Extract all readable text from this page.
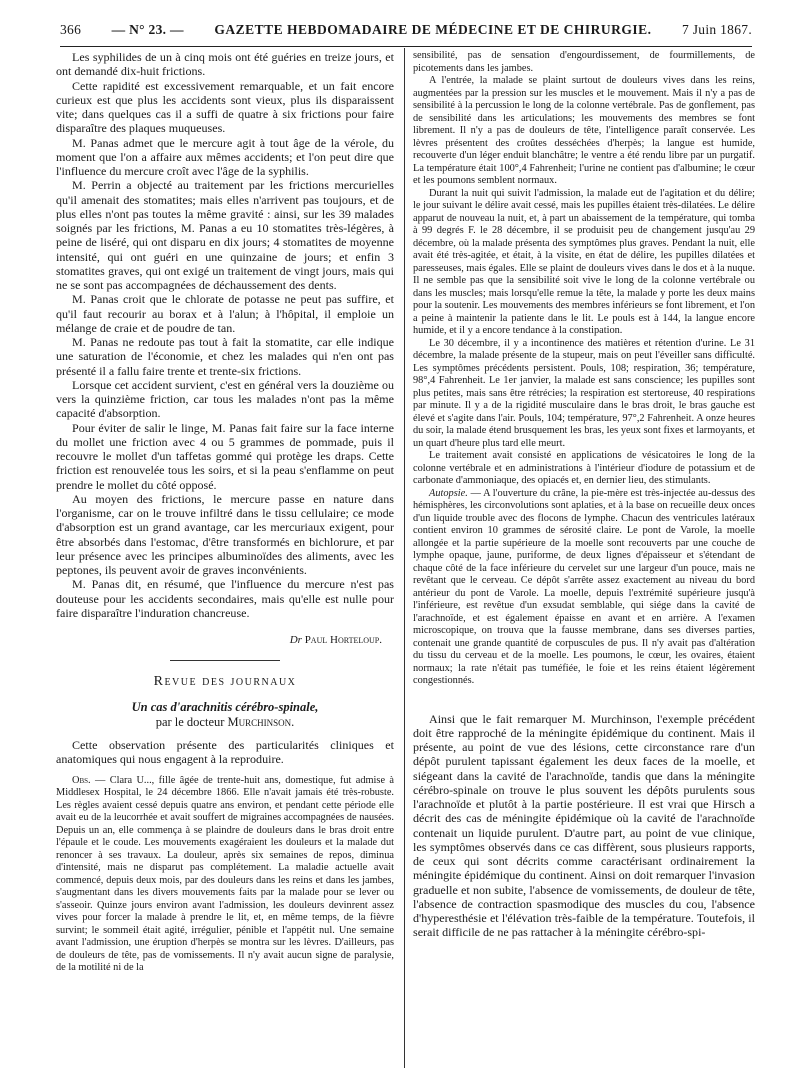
366 — N° 23. — GAZETTE HEBDOMADAIRE DE MÉDECINE ET DE CHIRURGIE. 7 Juin 1867.

Les syphilides de un à cinq mois ont été guéries en treize jours, et ont demandé dix-huit frictions.

Cette rapidité est excessivement remarquable, et un fait encore curieux est que plus les accidents sont vieux, plus ils disparaissent vite; dans quelques cas il a suffi de quatre à six frictions pour faire disparaître des plaques muqueuses.

M. Panas admet que le mercure agit à tout âge de la vérole, du moment que l'on a affaire aux mêmes accidents; et l'on peut dire que l'influence du mercure croît avec l'âge de la syphilis.

M. Perrin a objecté au traitement par les frictions mercurielles qu'il amenait des stomatites; mais elles n'arrivent pas toujours, et de plus elles n'ont pas toutes la même gravité : ainsi, sur les 39 malades soignés par les frictions, M. Panas a eu 10 stomatites très-légères, à peine de liséré, qui ont disparu en dix jours; 4 stomatites de moyenne intensité, qui ont guéri en une quinzaine de jours; et enfin 3 stomatites graves, qui ont exigé un traitement de vingt jours, mais qui ne se sont pas accompagnées de déchaussement des dents.

M. Panas croit que le chlorate de potasse ne peut pas suffire, et qu'il faut recourir au borax et à l'alun; à l'hôpital, il emploie un mélange de craie et de poudre de tan.

M. Panas ne redoute pas tout à fait la stomatite, car elle indique une saturation de l'économie, et chez les malades qui n'en ont pas présenté il a fallu faire trente et trente-six frictions.

Lorsque cet accident survient, c'est en général vers la douzième ou vers la quinzième friction, car tous les malades n'ont pas la même capacité d'absorption.

Pour éviter de salir le linge, M. Panas fait faire sur la face interne du mollet une friction avec 4 ou 5 grammes de pommade, puis il recouvre le mollet d'un taffetas gommé qui protège les draps. Cette friction est renouvelée tous les soirs, et si la peau s'enflamme on peut prendre le mollet du côté opposé.

Au moyen des frictions, le mercure passe en nature dans l'organisme, car on le trouve infiltré dans le tissu cellulaire; ce mode d'absorption est un grand avantage, car les mercuriaux exigent, pour être absorbés dans l'estomac, d'être transformés en bichlorure, et par leur présence avec les principes albuminoïdes des aliments, avec les peptones, ils peuvent avoir de graves inconvénients.

M. Panas dit, en résumé, que l'influence du mercure n'est pas douteuse pour les accidents secondaires, mais qu'elle est nulle pour faire disparaître l'induration chancreuse.

Dr Paul Horteloup.
Revue des journaux
Un cas d'arachnitis cérébro-spinale,
par le docteur Murchinson.

Cette observation présente des particularités cliniques et anatomiques qui nous engagent à la reproduire.

Obs. — Clara U..., fille âgée de trente-huit ans, domestique, fut admise à Middlesex Hospital, le 24 décembre 1866. Elle n'avait jamais été très-robuste. Les règles avaient cessé depuis quatre ans environ, et pendant cette période elle avait eu de la leucorrhée et avait souffert de migraines accompagnées de nausées. Depuis un an, elle commença à se plaindre de douleurs dans le bras droit entre l'épaule et le coude. Les mouvements exagéraient les douleurs et la malade dut renoncer à ses travaux. La douleur, après six semaines de repos, diminua d'intensité, mais ne disparut pas complétement. La maladie actuelle avait commencé, depuis deux mois, par des douleurs dans les reins et dans les jambes, s'augmentant dans les divers mouvements faits par la malade pour se lever ou s'asseoir. Quinze jours environ avant l'admission, les douleurs devinrent assez vives pour forcer la malade à prendre le lit, et, en même temps, de la fièvre survint; le sommeil était agité, irrégulier, pénible et l'appétit nul. Une semaine avant l'admission, une éruption d'herpès se montra sur les lèvres. D'ailleurs, pas de douleurs de tête, pas de vomissements. Il n'y avait aucun signe de paralysie, de la motilité ni de la

sensibilité, pas de sensation d'engourdissement, de fourmillements, de picotements dans les jambes.

A l'entrée, la malade se plaint surtout de douleurs vives dans les reins, augmentées par la pression sur les muscles et le mouvement. Mais il n'y a pas de sensibilité à la percussion le long de la colonne vertébrale. Pas de gonflement, pas de sensibilité dans les articulations; les mouvements des membres se font librement. Il n'y a pas de douleurs de tête, l'intelligence paraît conservée. Les lèvres présentent des croûtes desséchées d'herpès; la langue est humide, recouverte d'un léger enduit blanchâtre; le ventre a été rendu libre par un purgatif. La température était 100°,4 Fahrenheit; l'urine ne contient pas d'albumine; le cœur et les poumons semblent normaux.

Durant la nuit qui suivit l'admission, la malade eut de l'agitation et du délire; le jour suivant le délire avait cessé, mais les pupilles étaient très-dilatées. Le délire apparut de nouveau la nuit, et, à part un abaissement de la température, qui tomba à 99 degrés F. le 28 décembre, il se produisit peu de changement jusqu'au 29 décembre, où la malade présenta des symptômes plus graves. Pendant la nuit, elle avait été très-agitée, et était, à la visite, en état de délire, les pupilles dilatées et paresseuses, mais égales. Elle se plaint de douleurs vives dans le dos et à la nuque. Il ne semble pas que la sensibilité soit vive le long de la colonne vertébrale ou dans les muscles; mais lorsqu'elle remue la tête, la malade y porte les deux mains pour la soutenir. Les mouvements des membres inférieurs se font librement, et l'on a peine à maintenir la patiente dans le lit. Le pouls est à 144, la langue encore humide, et il y a encore tendance à la constipation.

Le 30 décembre, il y a incontinence des matières et rétention d'urine. Le 31 décembre, la malade présente de la stupeur, mais on peut l'éveiller sans difficulté. Les symptômes précédents persistent. Pouls, 108; respiration, 36; température, 98°,4 Fahrenheit. Le 1er janvier, la malade est sans conscience; les pupilles sont plus petites, mais sans être rétrécies; la respiration est stertoreuse, 40 respirations par minute. Il y a de la rigidité musculaire dans le bras droit, le bras gauche est élevé et s'agite dans l'air. Pouls, 104; température, 97°,2 Fahrenheit. A onze heures du soir, la malade étend brusquement les bras, les yeux sont fixes et larmoyants, et un quart d'heure plus tard elle meurt.

Le traitement avait consisté en applications de vésicatoires le long de la colonne vertébrale et en administrations à l'intérieur d'iodure de potassium et de carbonate d'ammoniaque, des opiacés et, en dernier lieu, des stimulants.

Autopsie. — A l'ouverture du crâne, la pie-mère est très-injectée au-dessus des hémisphères, les circonvolutions sont aplaties, et à la base on recueille deux onces d'un liquide trouble avec des flocons de lymphe. Chacun des ventricules latéraux contient environ 10 grammes de sérosité claire. Le pont de Varole, la moelle allongée et la partie supérieure de la moelle sont recouverts par une couche de lymphe opaque, jaune, puriforme, de deux lignes d'épaisseur et s'étendant de chaque côté de la face inférieure du cervelet sur une largeur d'un pouce, mais ne revêtant que le cerveau. Ce dépôt s'arrête assez exactement au niveau du bord antérieur du pont de Varole. La moelle, depuis l'extrémité supérieure jusqu'à l'inférieure, est revêtue d'un exsudat semblable, qui siége dans la cavité de l'arachnoïde, et est également épaisse en avant et en arrière. A l'examen microscopique, on trouva que la fausse membrane, dans ses diverses parties, contenait une grande quantité de corpuscules de pus. Il n'y avait pas d'altération du tissu du cerveau et de la moelle. Les poumons, le cœur, les ovaires, étaient normaux; la rate n'était pas tuméfiée, le foie et les reins étaient légèrement congestionnés.

Ainsi que le fait remarquer M. Murchinson, l'exemple précédent doit être rapproché de la méningite épidémique du continent. Mais il présente, au point de vue des lésions, cette circonstance rare d'un dépôt purulent tapissant également les deux faces de la moelle, et siégeant dans la cavité de l'arachnoïde, tandis que dans la méningite cérébro-spinale on trouve le plus souvent les dépôts purulents sous l'arachnoïde et plutôt à la partie postérieure. Il est vrai que Hirsch a décrit des cas de méningite épidémique où la cavité de l'arachnoïde contenait un liquide purulent. D'autre part, au point de vue clinique, les symptômes observés dans ce cas diffèrent, sous plusieurs rapports, de ceux qui sont décrits comme caractérisant ordinairement la méningite épidémique du continent. Ainsi on doit remarquer l'invasion graduelle et non subite, l'absence de vomissements, de douleur de tête, l'absence de contraction spasmodique des muscles du cou, l'absence d'hyperesthésie et l'élévation très-faible de la température. Toutefois, il serait difficile de ne pas rattacher à la méningite cérébro-spi-
